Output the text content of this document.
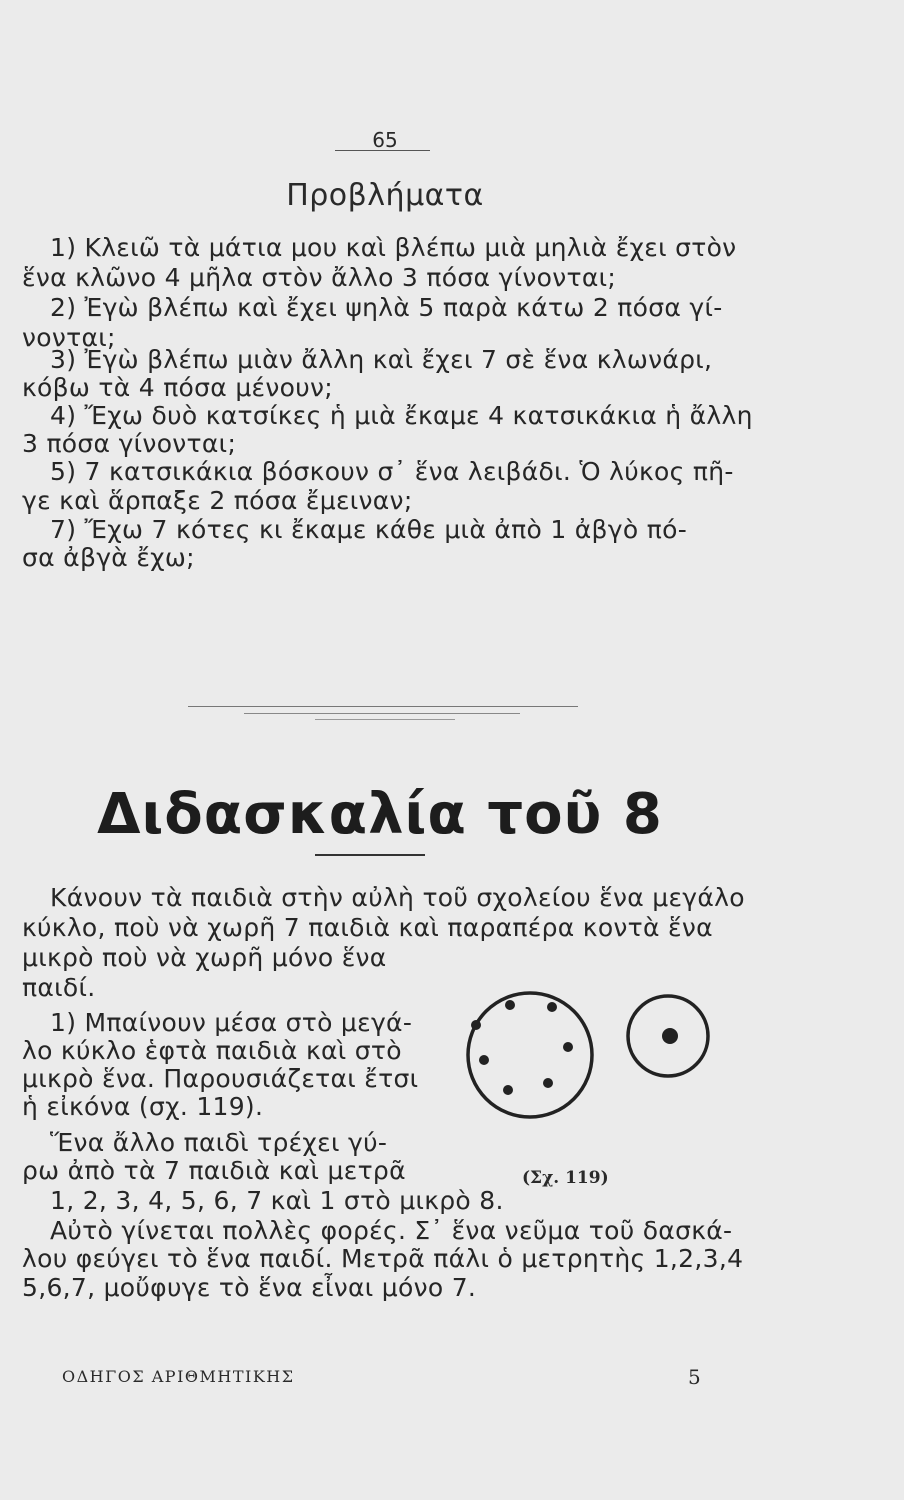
65
Προβλήματα
1) Κλειῶ τὰ μάτια μου καὶ βλέπω μιὰ μηλιὰ ἔχει στὸν
ἕνα κλῶνο 4 μῆλα στὸν ἄλλο 3 πόσα γίνονται;
2) Ἐγὼ βλέπω καὶ ἔχει ψηλὰ 5 παρὰ κάτω 2 πόσα γί-
νονται;
3) Ἐγὼ βλέπω μιὰν ἄλλη καὶ ἔχει 7 σὲ ἕνα κλωνάρι,
κόβω τὰ 4 πόσα μένουν;
4) Ἔχω δυὸ κατσίκες ἡ μιὰ ἔκαμε 4 κατσικάκια ἡ ἄλλη
3 πόσα γίνονται;
5) 7 κατσικάκια βόσκουν σ᾿ ἕνα λειβάδι. Ὁ λύκος πῆ-
γε καὶ ἅρπαξε 2 πόσα ἔμειναν;
7) Ἔχω 7 κότες κι ἔκαμε κάθε μιὰ ἀπὸ 1 ἀβγὸ πό-
σα ἀβγὰ ἔχω;
Διδασκαλία τοῦ 8
Κάνουν τὰ παιδιὰ στὴν αὐλὴ τοῦ σχολείου ἕνα μεγάλο
κύκλο, ποὺ νὰ χωρῆ 7 παιδιὰ καὶ παραπέρα κοντὰ ἕνα
μικρὸ ποὺ νὰ χωρῆ μόνο ἕνα
παιδί.
1) Μπαίνουν μέσα στὸ μεγά-
λο κύκλο ἑφτὰ παιδιὰ καὶ στὸ
μικρὸ ἕνα. Παρουσιάζεται ἔτσι
ἡ εἰκόνα (σχ. 119).
Ἕνα ἄλλο παιδὶ τρέχει γύ-
ρω ἀπὸ τὰ 7 παιδιὰ καὶ μετρᾶ
1, 2, 3, 4, 5, 6, 7 καὶ 1 στὸ μικρὸ 8.
Αὐτὸ γίνεται πολλὲς φορές. Σ᾿ ἕνα νεῦμα τοῦ δασκά-
λου φεύγει τὸ ἕνα παιδί. Μετρᾶ πάλι ὁ μετρητὴς 1,2,3,4
5,6,7, μοὔφυγε τὸ ἕνα εἶναι μόνο 7.
(Σχ. 119)
ΟΔΗΓΟΣ ΑΡΙΘΜΗΤΙΚΗΣ	5
